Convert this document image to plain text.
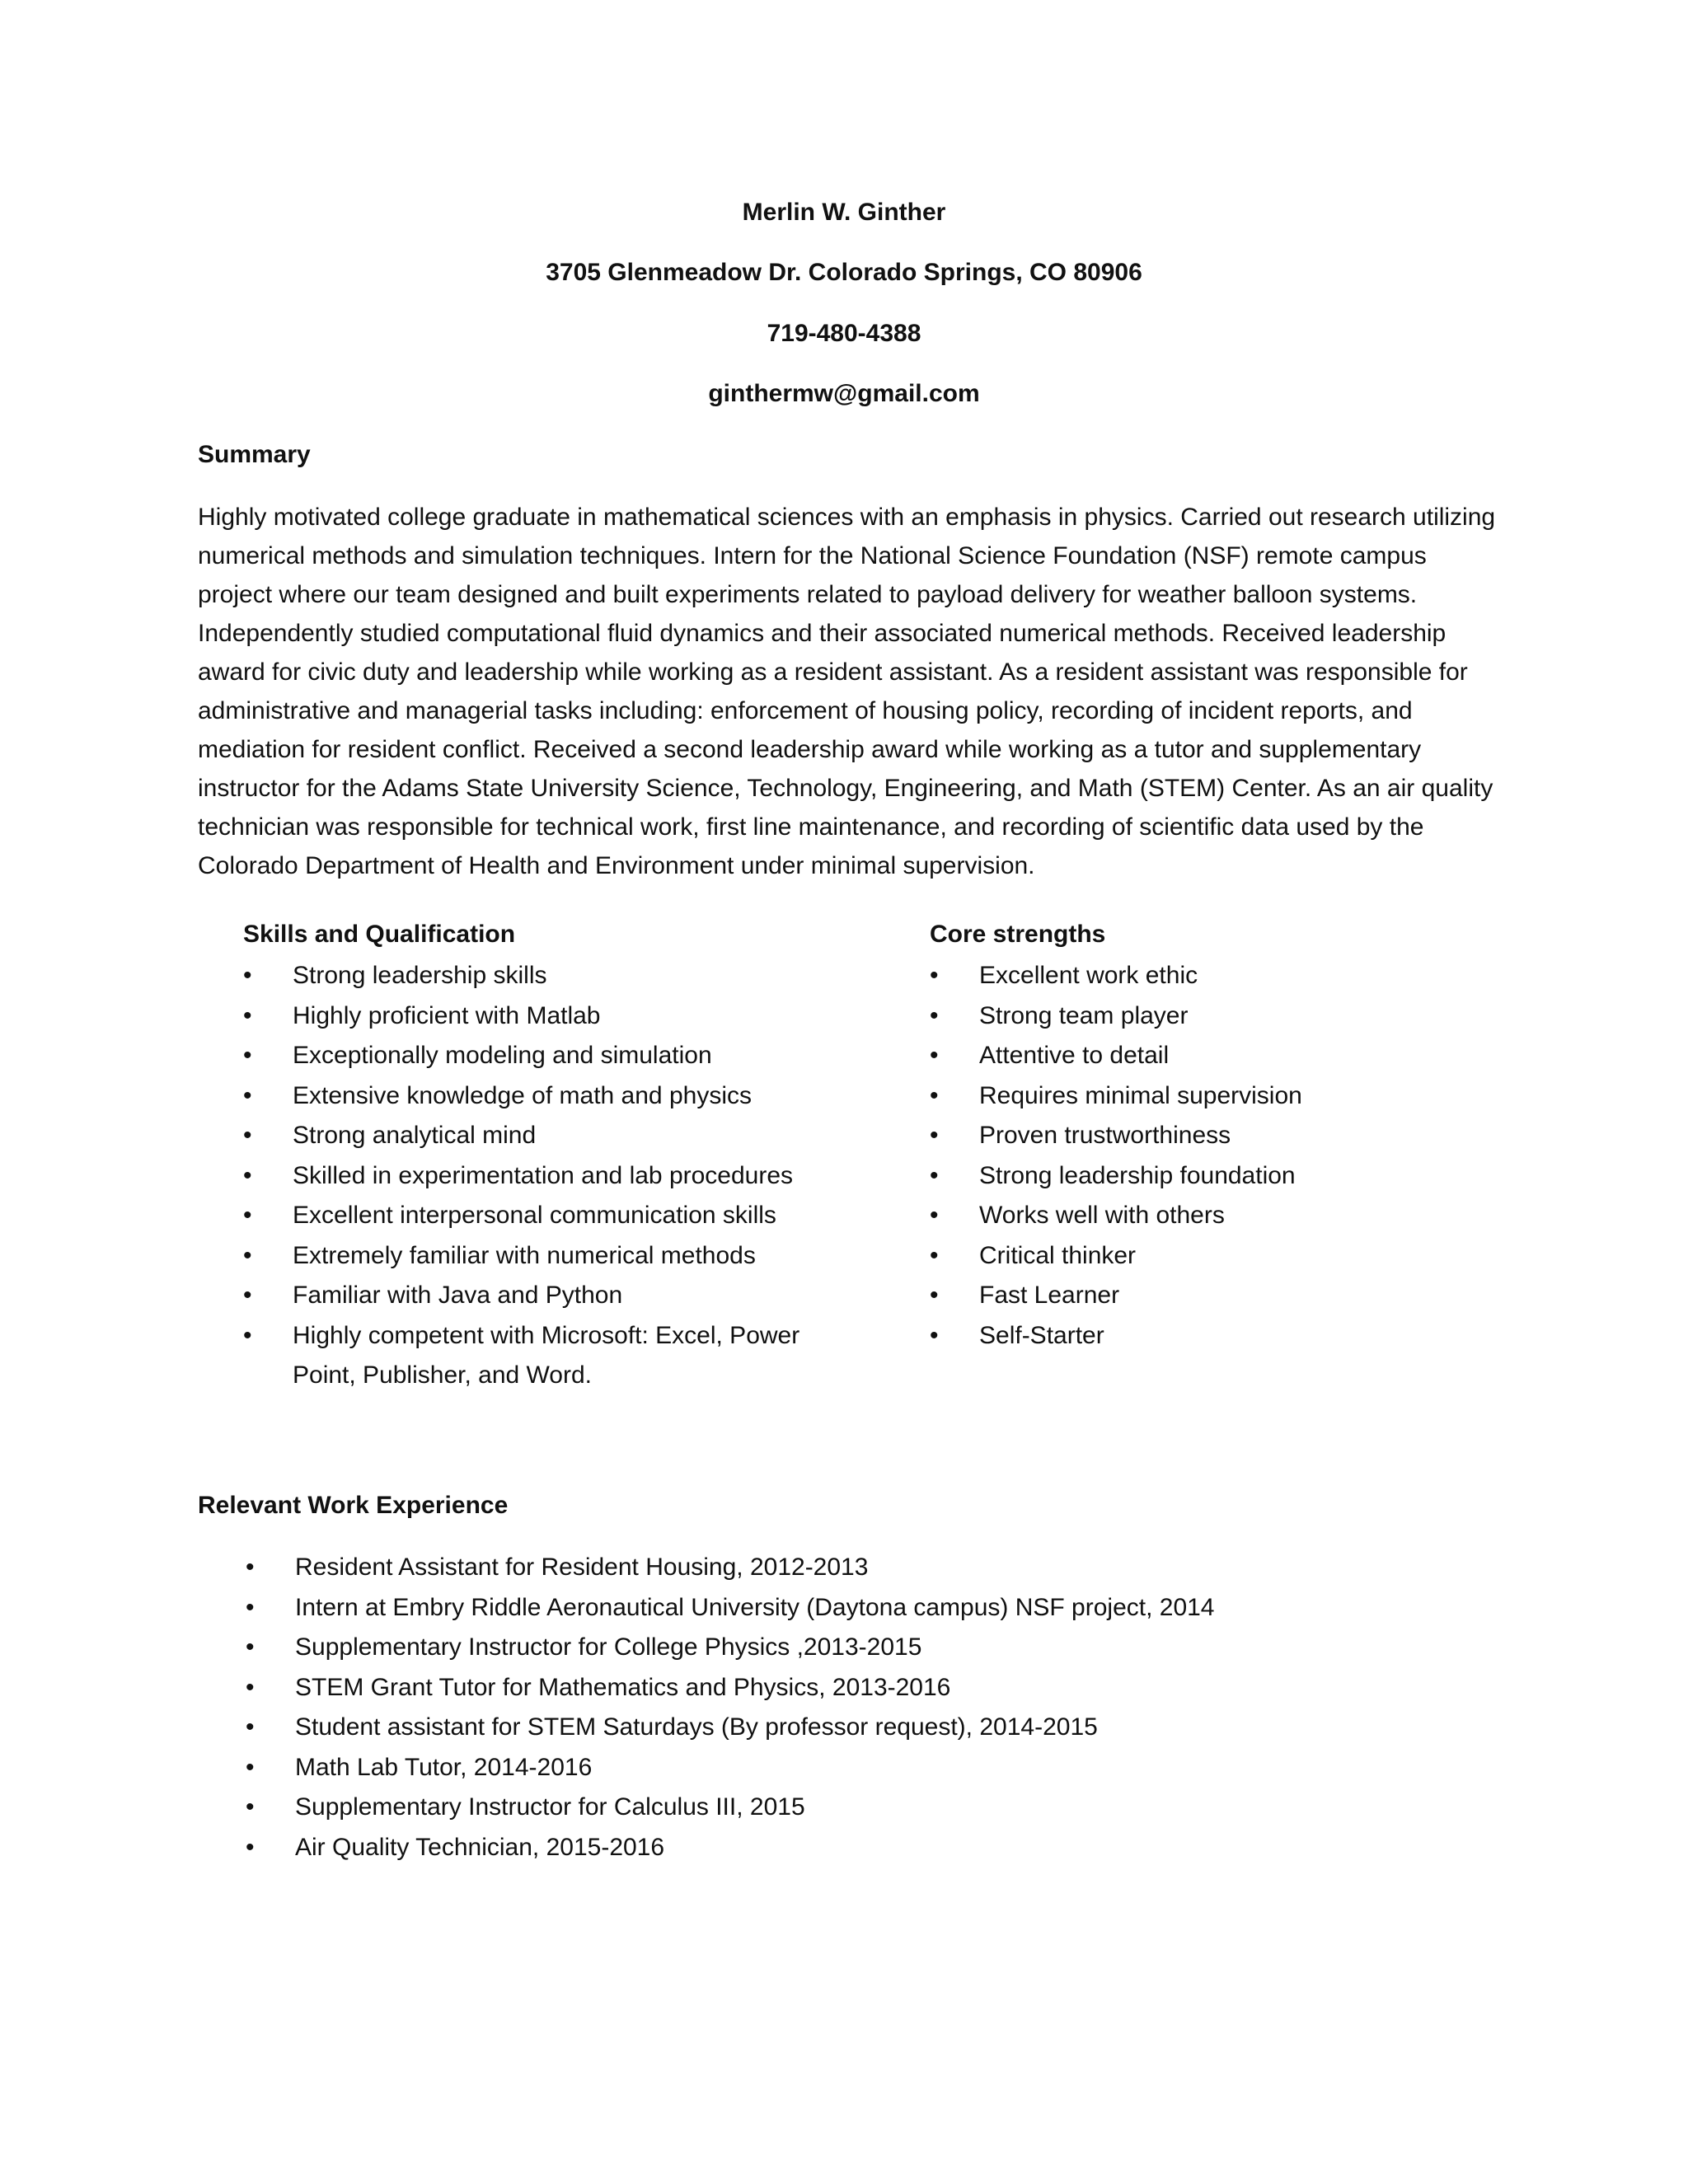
Merlin W. Ginther
3705 Glenmeadow Dr. Colorado Springs, CO 80906
719-480-4388
ginthermw@gmail.com
Summary

Highly motivated college graduate in mathematical sciences with an emphasis in physics. Carried out research utilizing numerical methods and simulation techniques. Intern for the National Science Foundation (NSF) remote campus project where our team designed and built experiments related to payload delivery for weather balloon systems. Independently studied computational fluid dynamics and their associated numerical methods. Received leadership award for civic duty and leadership while working as a resident assistant. As a resident assistant was responsible for administrative and managerial tasks including: enforcement of housing policy, recording of incident reports, and mediation for resident conflict. Received a second leadership award while working as a tutor and supplementary instructor for the Adams State University Science, Technology, Engineering, and Math (STEM) Center. As an air quality technician was responsible for technical work, first line maintenance, and recording of scientific data used by the Colorado Department of Health and Environment under minimal supervision.

Skills and Qualification
• Strong leadership skills
• Highly proficient with Matlab
• Exceptionally modeling and simulation
• Extensive knowledge of math and physics
• Strong analytical mind
• Skilled in experimentation and lab procedures
• Excellent interpersonal communication skills
• Extremely familiar with numerical methods
• Familiar with Java and Python
• Highly competent with Microsoft: Excel, Power Point, Publisher, and Word.
Core strengths
• Excellent work ethic
• Strong team player
• Attentive to detail
• Requires minimal supervision
• Proven trustworthiness
• Strong leadership foundation
• Works well with others
• Critical thinker
• Fast Learner
• Self-Starter
Relevant Work Experience
• Resident Assistant for Resident Housing, 2012-2013
• Intern at Embry Riddle Aeronautical University (Daytona campus) NSF project, 2014
• Supplementary Instructor for College Physics ,2013-2015
• STEM Grant Tutor for Mathematics and Physics, 2013-2016
• Student assistant for STEM Saturdays (By professor request), 2014-2015
• Math Lab Tutor, 2014-2016
• Supplementary Instructor for Calculus III, 2015
• Air Quality Technician, 2015-2016
